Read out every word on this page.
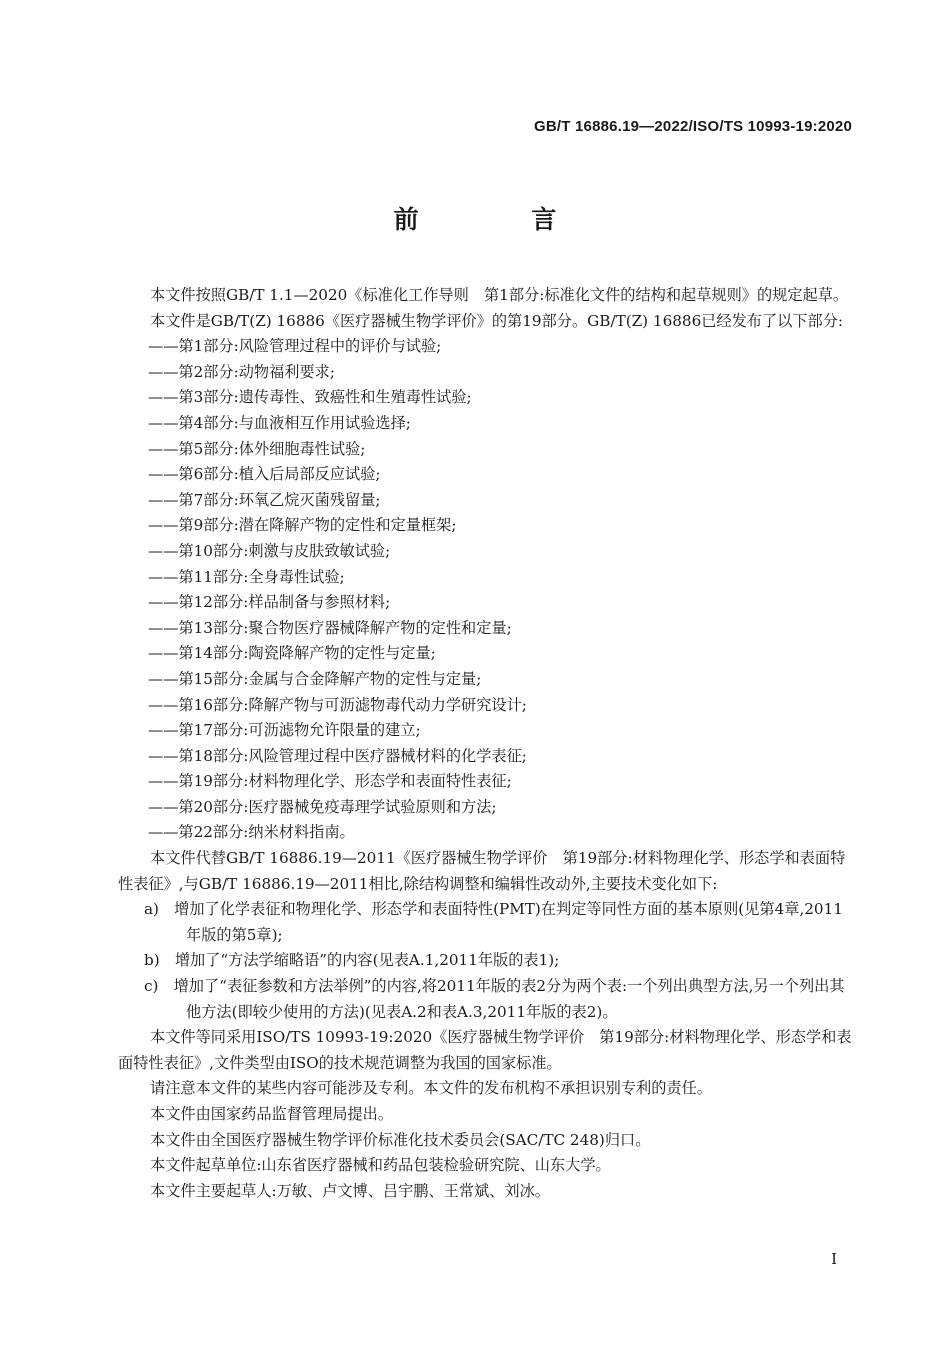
GB/T 16886.19—2022/ISO/TS 10993-19:2020
前 言

本文件按照GB/T 1.1—2020《标准化工作导则　第1部分:标准化文件的结构和起草规则》的规定起草。

本文件是GB/T(Z) 16886《医疗器械生物学评价》的第19部分。GB/T(Z) 16886已经发布了以下部分:

——第1部分:风险管理过程中的评价与试验;

——第2部分:动物福利要求;

——第3部分:遗传毒性、致癌性和生殖毒性试验;

——第4部分:与血液相互作用试验选择;

——第5部分:体外细胞毒性试验;

——第6部分:植入后局部反应试验;

——第7部分:环氧乙烷灭菌残留量;

——第9部分:潜在降解产物的定性和定量框架;

——第10部分:刺激与皮肤致敏试验;

——第11部分:全身毒性试验;

——第12部分:样品制备与参照材料;

——第13部分:聚合物医疗器械降解产物的定性和定量;

——第14部分:陶瓷降解产物的定性与定量;

——第15部分:金属与合金降解产物的定性与定量;

——第16部分:降解产物与可沥滤物毒代动力学研究设计;

——第17部分:可沥滤物允许限量的建立;

——第18部分:风险管理过程中医疗器械材料的化学表征;

——第19部分:材料物理化学、形态学和表面特性表征;

——第20部分:医疗器械免疫毒理学试验原则和方法;

——第22部分:纳米材料指南。

本文件代替GB/T 16886.19—2011《医疗器械生物学评价　第19部分:材料物理化学、形态学和表面特性表征》,与GB/T 16886.19—2011相比,除结构调整和编辑性改动外,主要技术变化如下:

a)　增加了化学表征和物理化学、形态学和表面特性(PMT)在判定等同性方面的基本原则(见第4章,2011年版的第5章);

b)　增加了“方法学缩略语”的内容(见表A.1,2011年版的表1);

c)　增加了“表征参数和方法举例”的内容,将2011年版的表2分为两个表:一个列出典型方法,另一个列出其他方法(即较少使用的方法)(见表A.2和表A.3,2011年版的表2)。

本文件等同采用ISO/TS 10993-19:2020《医疗器械生物学评价　第19部分:材料物理化学、形态学和表面特性表征》,文件类型由ISO的技术规范调整为我国的国家标准。

请注意本文件的某些内容可能涉及专利。本文件的发布机构不承担识别专利的责任。

本文件由国家药品监督管理局提出。

本文件由全国医疗器械生物学评价标准化技术委员会(SAC/TC 248)归口。

本文件起草单位:山东省医疗器械和药品包装检验研究院、山东大学。

本文件主要起草人:万敏、卢文博、吕宇鹏、王常斌、刘冰。

I
